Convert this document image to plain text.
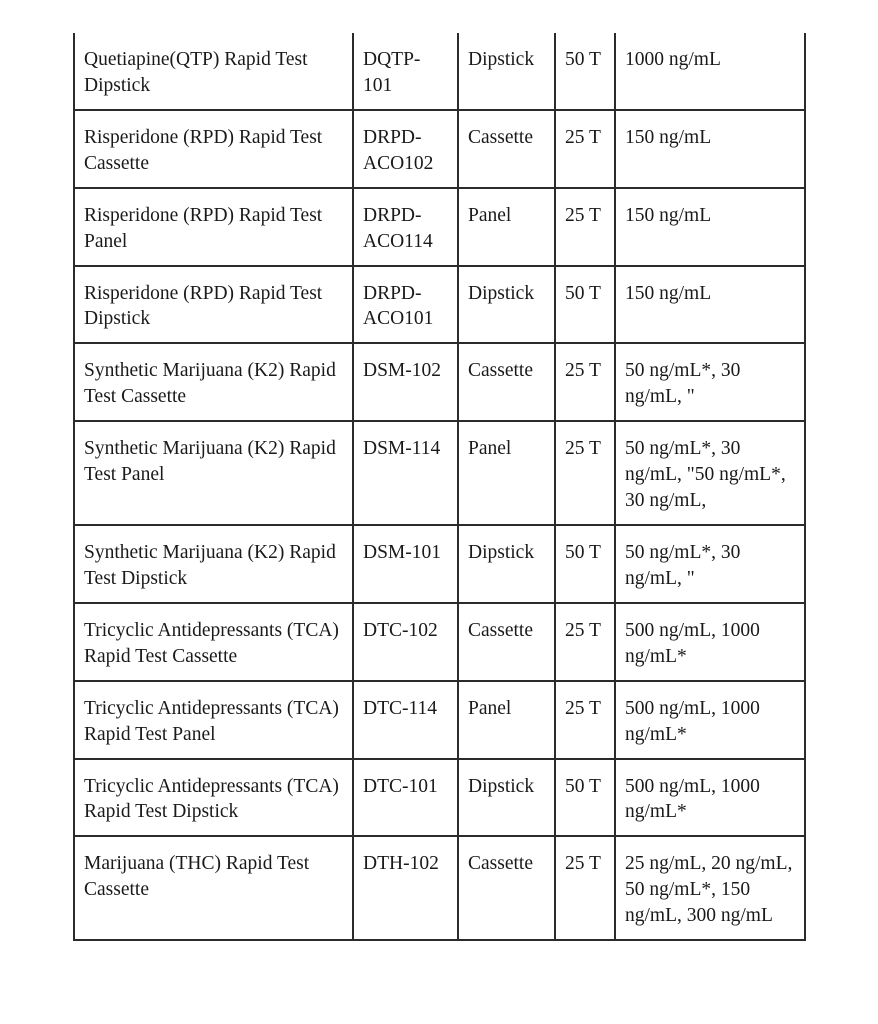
Quetiapine(QTP) Rapid Test Dipstick	DQTP-101	Dipstick	50 T	1000 ng/mL

Risperidone (RPD) Rapid Test Cassette	DRPD-ACO102	Cassette	25 T	150 ng/mL

Risperidone (RPD) Rapid Test Panel	DRPD-ACO114	Panel	25 T	150 ng/mL

Risperidone (RPD) Rapid Test Dipstick	DRPD-ACO101	Dipstick	50 T	150 ng/mL

Synthetic Marijuana (K2) Rapid Test Cassette	DSM-102	Cassette	25 T	50 ng/mL*, 30 ng/mL, "

Synthetic Marijuana (K2) Rapid Test Panel	DSM-114	Panel	25 T	50 ng/mL*, 30 ng/mL, "50 ng/mL*, 30 ng/mL,

Synthetic Marijuana (K2) Rapid Test Dipstick	DSM-101	Dipstick	50 T	50 ng/mL*, 30 ng/mL, "

Tricyclic Antidepressants (TCA) Rapid Test Cassette	DTC-102	Cassette	25 T	500 ng/mL, 1000 ng/mL*

Tricyclic Antidepressants (TCA) Rapid Test Panel	DTC-114	Panel	25 T	500 ng/mL, 1000 ng/mL*

Tricyclic Antidepressants (TCA) Rapid Test Dipstick	DTC-101	Dipstick	50 T	500 ng/mL, 1000 ng/mL*

Marijuana (THC) Rapid Test Cassette	DTH-102	Cassette	25 T	25 ng/mL, 20 ng/mL, 50 ng/mL*, 150 ng/mL, 300 ng/mL
